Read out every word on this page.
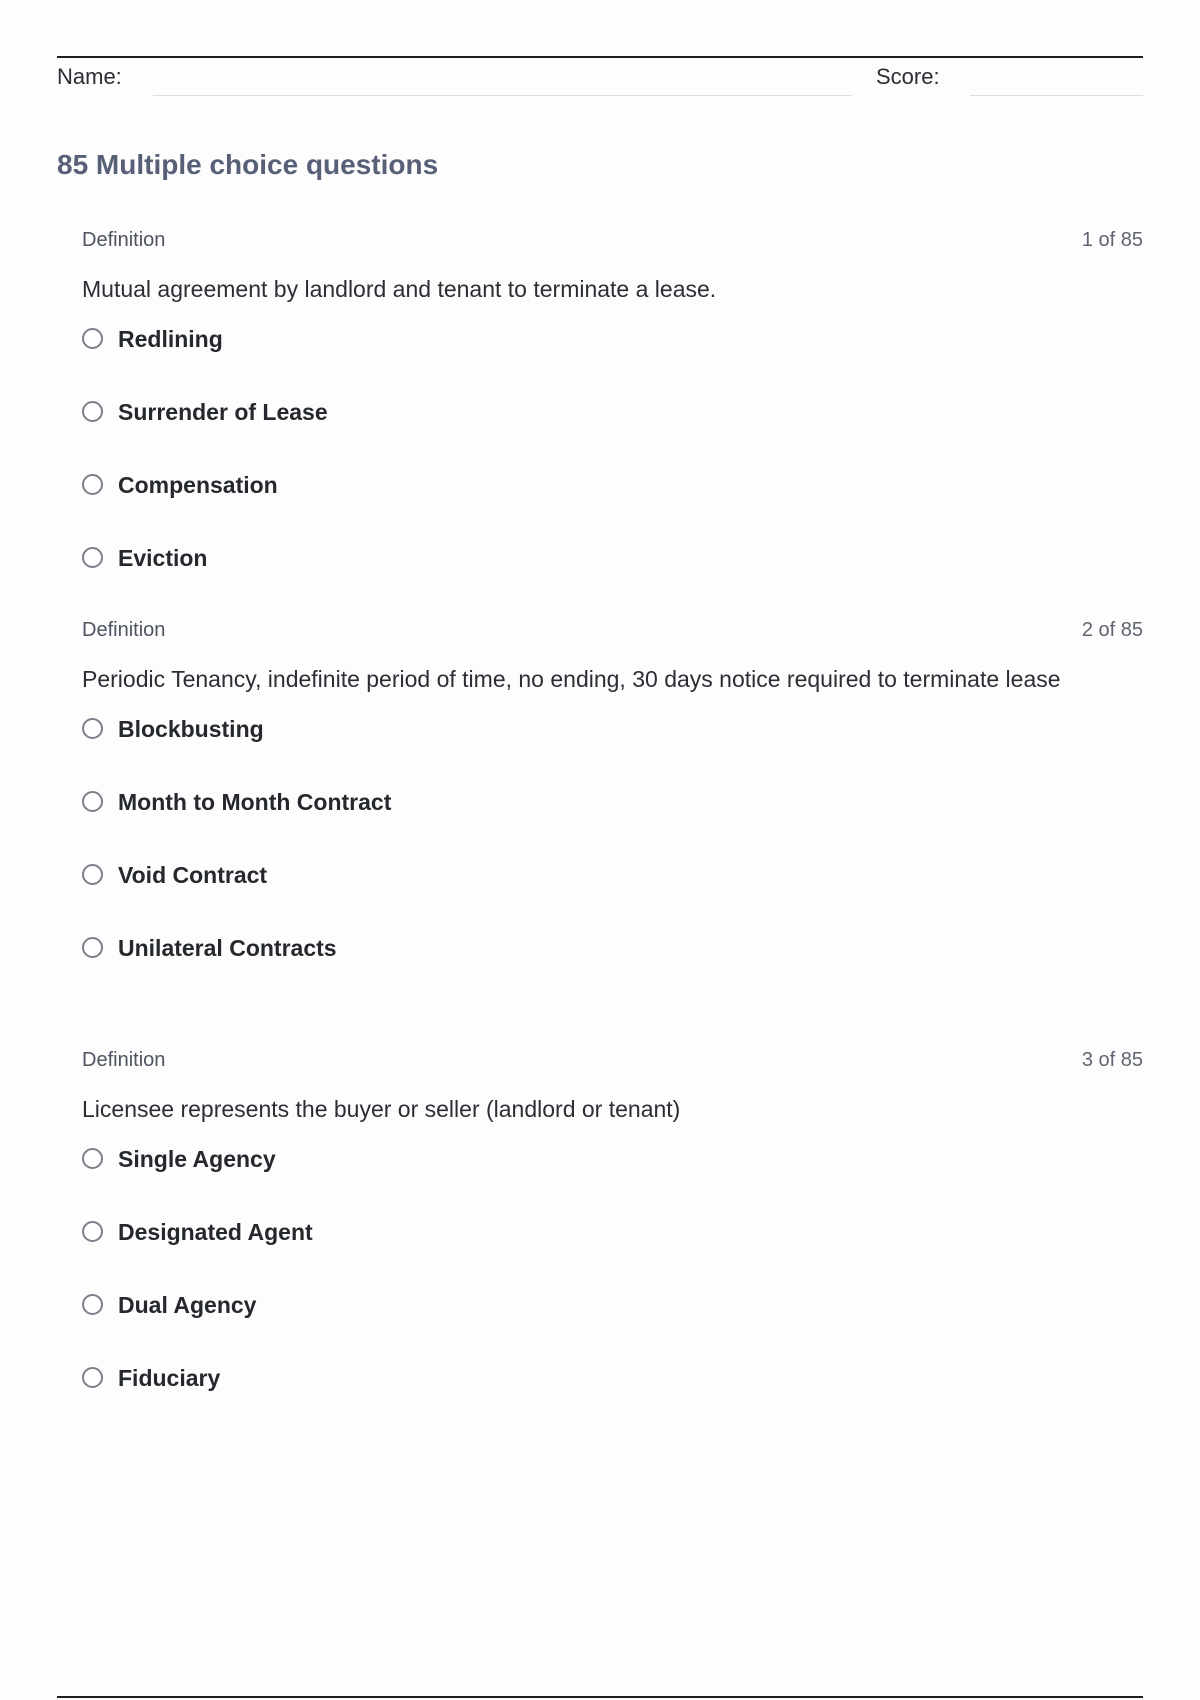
Name:	Score:
85 Multiple choice questions
Definition	1 of 85
Mutual agreement by landlord and tenant to terminate a lease.
Redlining
Surrender of Lease
Compensation
Eviction
Definition	2 of 85
Periodic Tenancy, indefinite period of time, no ending, 30 days notice required to terminate lease
Blockbusting
Month to Month Contract
Void Contract
Unilateral Contracts
Definition	3 of 85
Licensee represents the buyer or seller (landlord or tenant)
Single Agency
Designated Agent
Dual Agency
Fiduciary
